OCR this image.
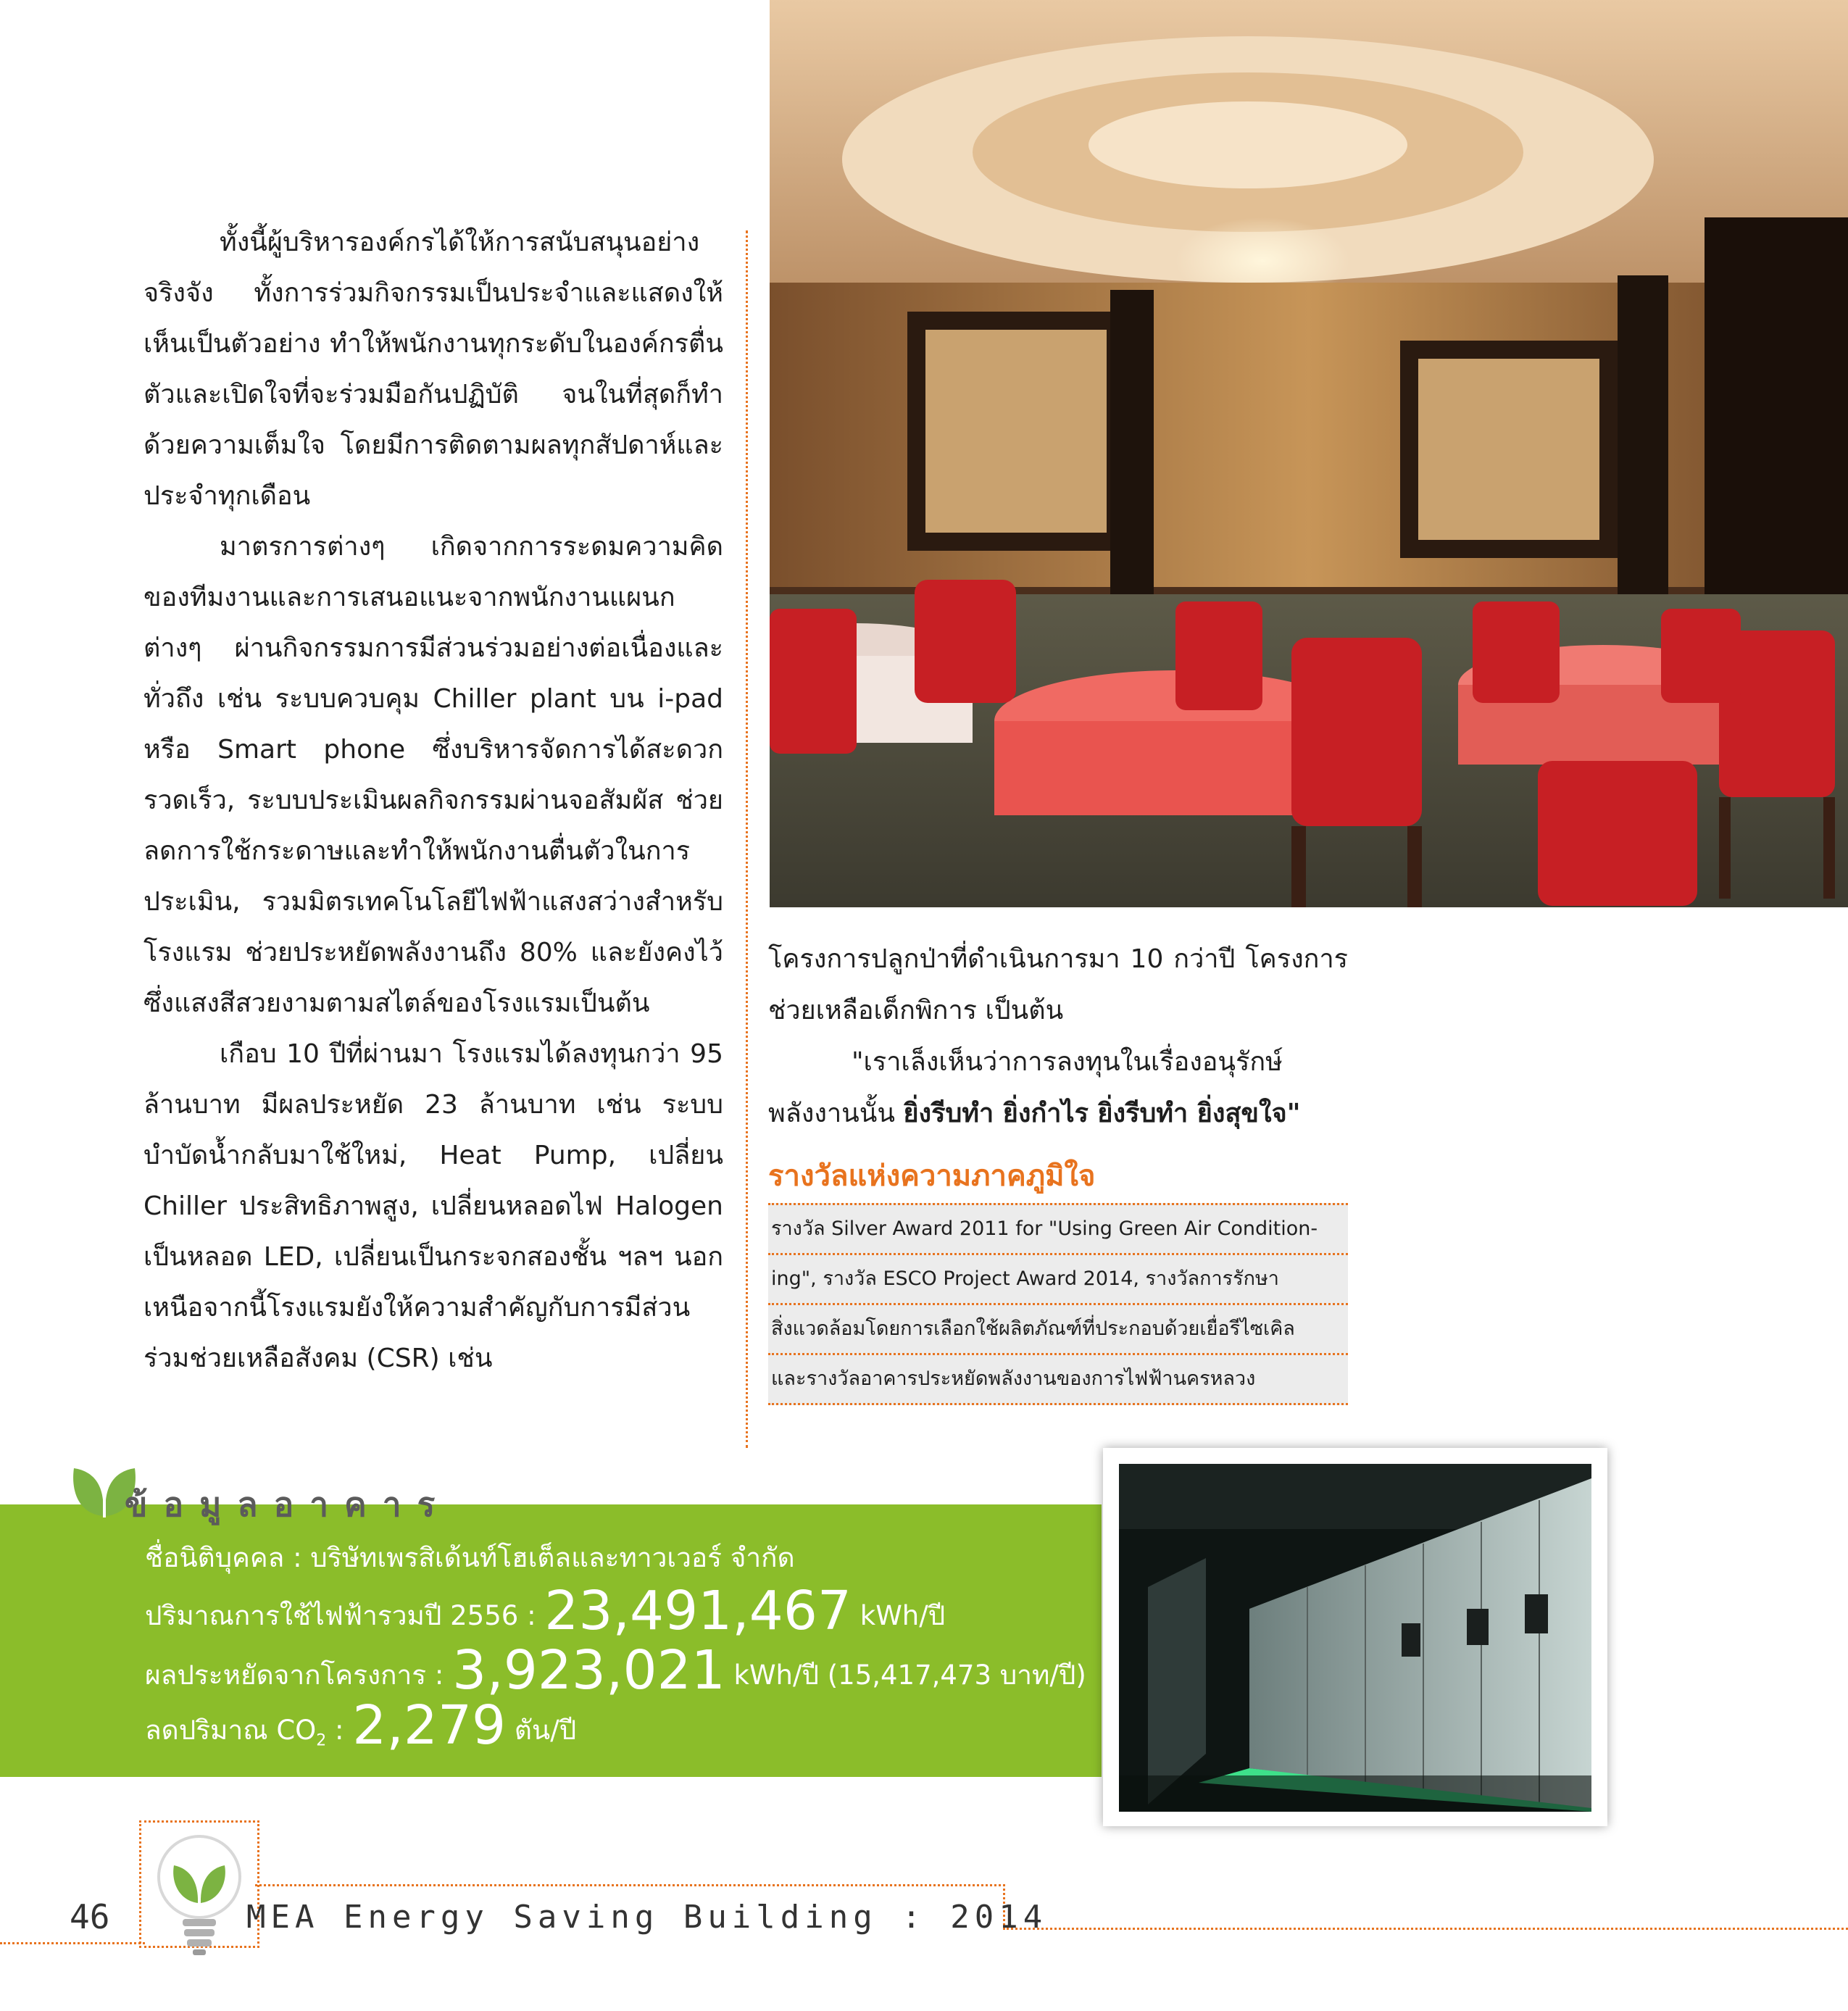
ทั้งนี้ผู้บริหารองค์กรได้ให้การสนับสนุนอย่างจริงจัง ทั้งการร่วมกิจกรรมเป็นประจำและแสดงให้เห็นเป็นตัวอย่าง ทำให้พนักงานทุกระดับในองค์กรตื่นตัวและเปิดใจที่จะร่วมมือกันปฏิบัติ จนในที่สุดก็ทำด้วยความเต็มใจ โดยมีการติดตามผลทุกสัปดาห์และประจำทุกเดือน

มาตรการต่างๆ เกิดจากการระดมความคิดของทีมงานและการเสนอแนะจากพนักงานแผนกต่างๆ ผ่านกิจกรรมการมีส่วนร่วมอย่างต่อเนื่องและทั่วถึง เช่น ระบบควบคุม Chiller plant บน i-pad หรือ Smart phone ซึ่งบริหารจัดการได้สะดวกรวดเร็ว, ระบบประเมินผลกิจกรรมผ่านจอสัมผัส ช่วยลดการใช้กระดาษและทำให้พนักงานตื่นตัวในการประเมิน, รวมมิตรเทคโนโลยีไฟฟ้าแสงสว่างสำหรับโรงแรม ช่วยประหยัดพลังงานถึง 80% และยังคงไว้ซึ่งแสงสีสวยงามตามสไตล์ของโรงแรมเป็นต้น

เกือบ 10 ปีที่ผ่านมา โรงแรมได้ลงทุนกว่า 95 ล้านบาท มีผลประหยัด 23 ล้านบาท เช่น ระบบบำบัดน้ำกลับมาใช้ใหม่, Heat Pump, เปลี่ยน Chiller ประสิทธิภาพสูง, เปลี่ยนหลอดไฟ Halogen เป็นหลอด LED, เปลี่ยนเป็นกระจกสองชั้น ฯลฯ นอกเหนือจากนี้โรงแรมยังให้ความสำคัญกับการมีส่วนร่วมช่วยเหลือสังคม (CSR) เช่น

โครงการปลูกป่าที่ดำเนินการมา 10 กว่าปี โครงการช่วยเหลือเด็กพิการ เป็นต้น

"เราเล็งเห็นว่าการลงทุนในเรื่องอนุรักษ์พลังงานนั้น ยิ่งรีบทำ ยิ่งกำไร ยิ่งรีบทำ ยิ่งสุขใจ"

รางวัลแห่งความภาคภูมิใจ
รางวัล Silver Award 2011 for "Using Green Air Condition-
ing", รางวัล ESCO Project Award 2014, รางวัลการรักษา
สิ่งแวดล้อมโดยการเลือกใช้ผลิตภัณฑ์ที่ประกอบด้วยเยื่อรีไซเคิล
และรางวัลอาคารประหยัดพลังงานของการไฟฟ้านครหลวง
ข้อมูลอาคาร
ชื่อนิติบุคคล : บริษัทเพรสิเด้นท์โฮเต็ลและทาวเวอร์ จำกัด
ปริมาณการใช้ไฟฟ้ารวมปี 2556 : 23,491,467 kWh/ปี
ผลประหยัดจากโครงการ : 3,923,021 kWh/ปี (15,417,473 บาท/ปี)
ลดปริมาณ $CO_2$ : 2,279 ตัน/ปี
46	MEA Energy Saving Building : 2014
